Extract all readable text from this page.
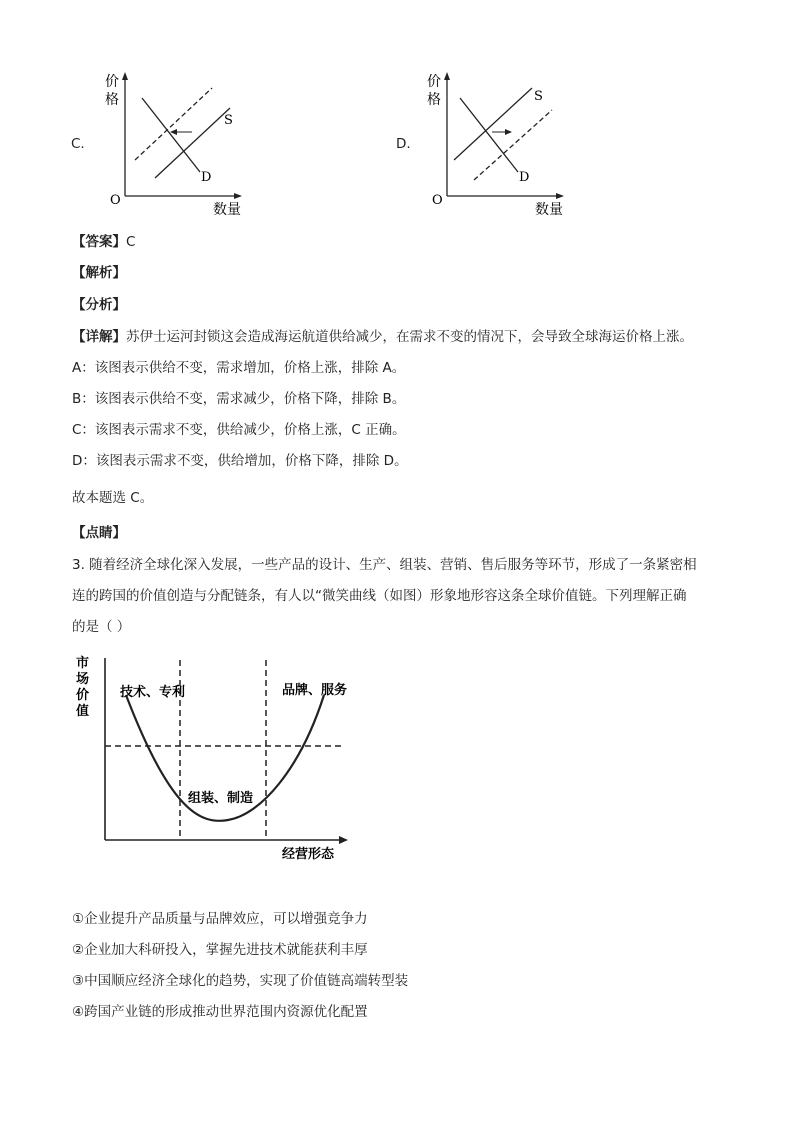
C.
价
格
O
数量
S
D
D.
价
格
O
数量
S
D
【答案】C
【解析】
【分析】
【详解】苏伊士运河封锁这会造成海运航道供给减少，在需求不变的情况下，会导致全球海运价格上涨。
A：该图表示供给不变，需求增加，价格上涨，排除 A。
B：该图表示供给不变，需求减少，价格下降，排除 B。
C：该图表示需求不变，供给减少，价格上涨，C 正确。
D：该图表示需求不变，供给增加，价格下降，排除 D。
故本题选 C。
【点睛】
3. 随着经济全球化深入发展，一些产品的设计、生产、组装、营销、售后服务等环节，形成了一条紧密相
连的跨国的价值创造与分配链条，有人以“微笑曲线（如图）形象地形容这条全球价值链。下列理解正确
的是（ ）
市
场
价
值
技术、专利	品牌、服务
组装、制造
经营形态
①企业提升产品质量与品牌效应，可以增强竞争力
②企业加大科研投入，掌握先进技术就能获利丰厚
③中国顺应经济全球化的趋势，实现了价值链高端转型装
④跨国产业链的形成推动世界范围内资源优化配置
